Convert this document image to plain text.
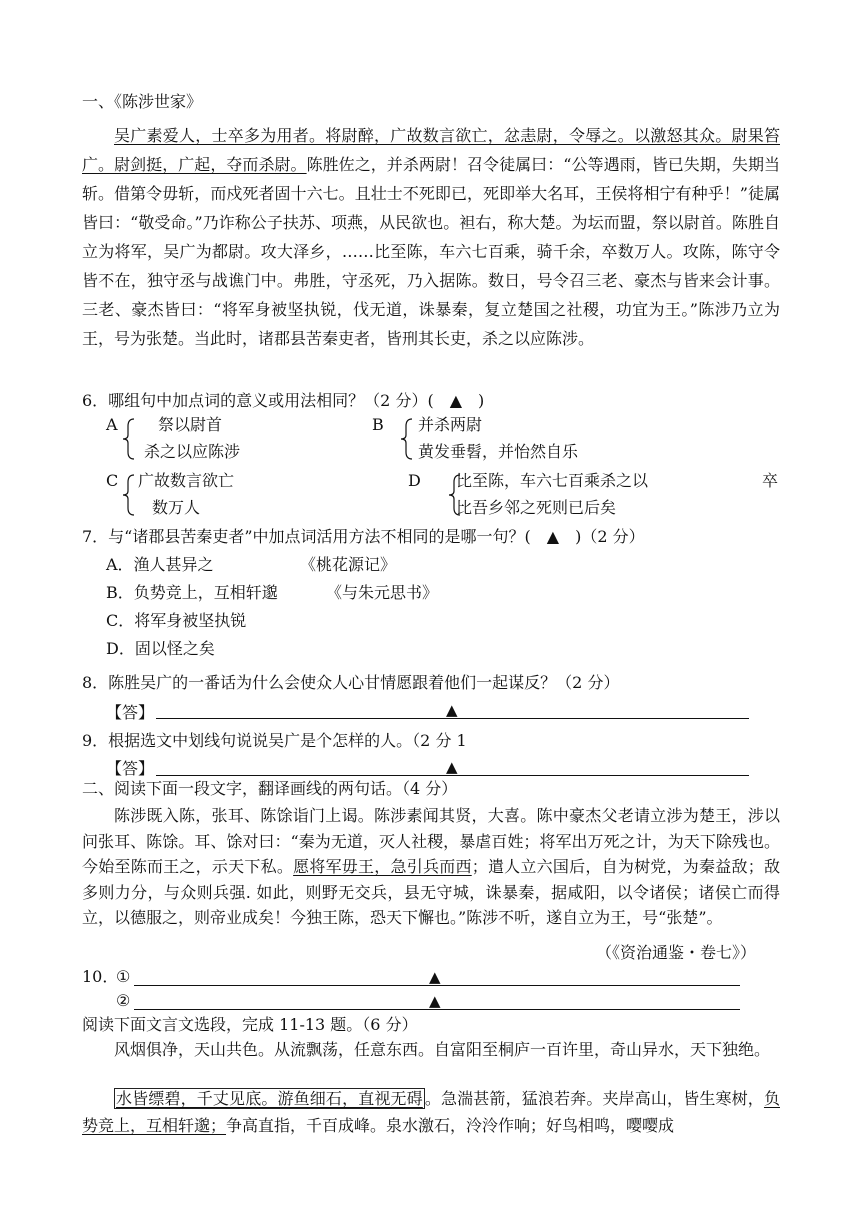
一、《陈涉世家》
吴广素爱人，士卒多为用者。将尉醉，广故数言欲亡，忿恚尉，令辱之。以激怒其众。尉果笞广。尉剑挺，广起，夺而杀尉。陈胜佐之，并杀两尉！召令徒属曰：“公等遇雨，皆已失期，失期当斩。借第令毋斩，而戍死者固十六七。且壮士不死即已，死即举大名耳，王侯将相宁有种乎！”徒属皆曰：“敬受命。”乃诈称公子扶苏、项燕，从民欲也。袒右，称大楚。为坛而盟，祭以尉首。陈胜自立为将军，吴广为都尉。攻大泽乡，……比至陈，车六七百乘，骑千余，卒数万人。攻陈，陈守令皆不在，独守丞与战谯门中。弗胜，守丞死，乃入据陈。数日，号令召三老、豪杰与皆来会计事。三老、豪杰皆曰：“将军身被坚执锐，伐无道，诛暴秦，复立楚国之社稷，功宜为王。”陈涉乃立为王，号为张楚。当此时，诸郡县苦秦吏者，皆刑其长吏，杀之以应陈涉。
6．哪组句中加点词的意义或用法相同？（2 分）(　▲　)
A	祭以尉首
杀之以应陈涉
B 并杀两尉
黄发垂髫，并怡然自乐
C 广故数言欲亡
数万人
D 比至陈，车六七百乘杀之以	卒
比吾乡邻之死则已后矣
7．与“诸郡县苦秦吏者”中加点词活用方法不相同的是哪一句？(　▲　)（2 分）
A．渔人甚异之	《桃花源记》
B．负势竞上，互相轩邈	《与朱元思书》
C．将军身被坚执锐
D．固以怪之矣
8．陈胜吴广的一番话为什么会使众人心甘情愿跟着他们一起谋反？（2 分）
【答】	▲
9．根据选文中划线句说说吴广是个怎样的人。（2 分 1
【答】	▲
二、阅读下面一段文字，翻译画线的两句话。（4 分）
陈涉既入陈，张耳、陈馀诣门上谒。陈涉素闻其贤，大喜。陈中豪杰父老请立涉为楚王，涉以问张耳、陈馀。耳、馀对曰：“秦为无道，灭人社稷，暴虐百姓；将军出万死之计，为天下除残也。今始至陈而王之，示天下私。愿将军毋王，急引兵而西；遣人立六国后，自为树党，为秦益敌；敌多则力分，与众则兵强. 如此，则野无交兵，县无守城，诛暴秦，据咸阳，以令诸侯；诸侯亡而得立，以德服之，则帝业成矣！今独王陈，恐天下懈也。”陈涉不听，遂自立为王，号“张楚”。
（《资治通鉴・卷七》）
10．
①	▲
②	▲
阅读下面文言文选段，完成 11-13 题。（6 分）
风烟俱净，天山共色。从流飘荡，任意东西。自富阳至桐庐一百许里，奇山异水，天下独绝。
水皆缥碧，千丈见底。游鱼细石，直视无碍 。急湍甚箭，猛浪若奔。夹岸高山，皆生寒树，负势竞上，互相轩邈；争高直指，千百成峰。泉水激石，泠泠作响；好鸟相鸣，嘤嘤成
